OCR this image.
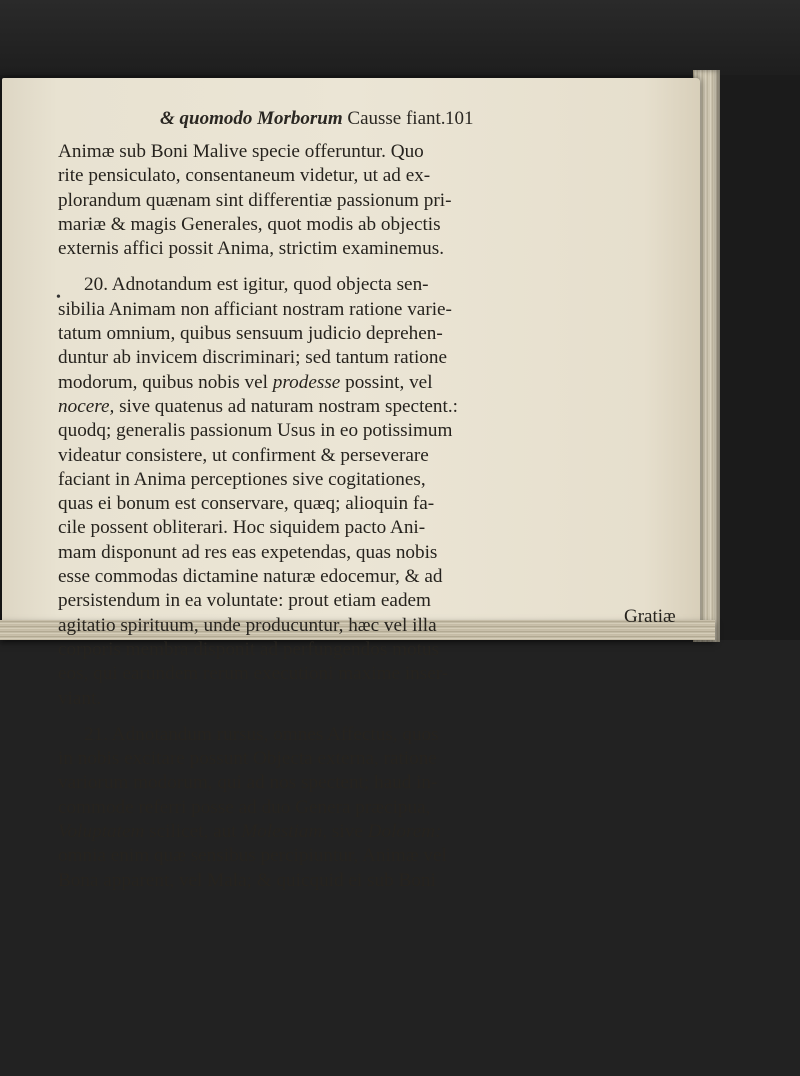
& quomodo Morborum Causse fiant. 101
•
Animæ sub Boni Malive specie offeruntur. Quo
rite pensiculato, consentaneum videtur, ut ad ex-
plorandum quænam sint differentiæ passionum pri-
mariæ & magis Generales, quot modis ab objectis
externis affici possit Anima, strictim examinemus.
20. Adnotandum est igitur, quod objecta sen-
sibilia Animam non afficiant nostram ratione varie-
tatum omnium, quibus sensuum judicio deprehen-
duntur ab invicem discriminari; sed tantum ratione
modorum, quibus nobis vel prodesse possint, vel
nocere, sive quatenus ad naturam nostram spectent.:
quodq; generalis passionum Usus in eo potissimum
videatur consistere, ut confirment & perseverare
faciant in Anima perceptiones sive cogitationes,
quas ei bonum est conservare, quæq; alioquin fa-
cile possent obliterari. Hoc siquidem pacto Ani-
mam disponunt ad res eas expetendas, quas nobis
esse commodas dictamine naturæ edocemur, & ad
persistendum in ea voluntate: prout etiam eadem
agitatio spirituum, unde producuntur, hæc vel illa
corporis membra disponit ad perfungendos motus
eos, qui earundem rerum executioni maxime inser-
viant.
21. Adnotandum rursus, omnes Affectus, quos
in nobis excitare possunt Objecta externa, ratione
variorum modorum, qui ad nos spectent; haud in-
commode referri posse ad duo Genera præcipua,
Voluptatem scilicet, aut Molestiam, sive Dolorem:
omnia enim quæ sensibus percipiuntur, Animæ vel
Bona apparent, vel Mala; & quicquid ei sub Boni
Gratiæ
